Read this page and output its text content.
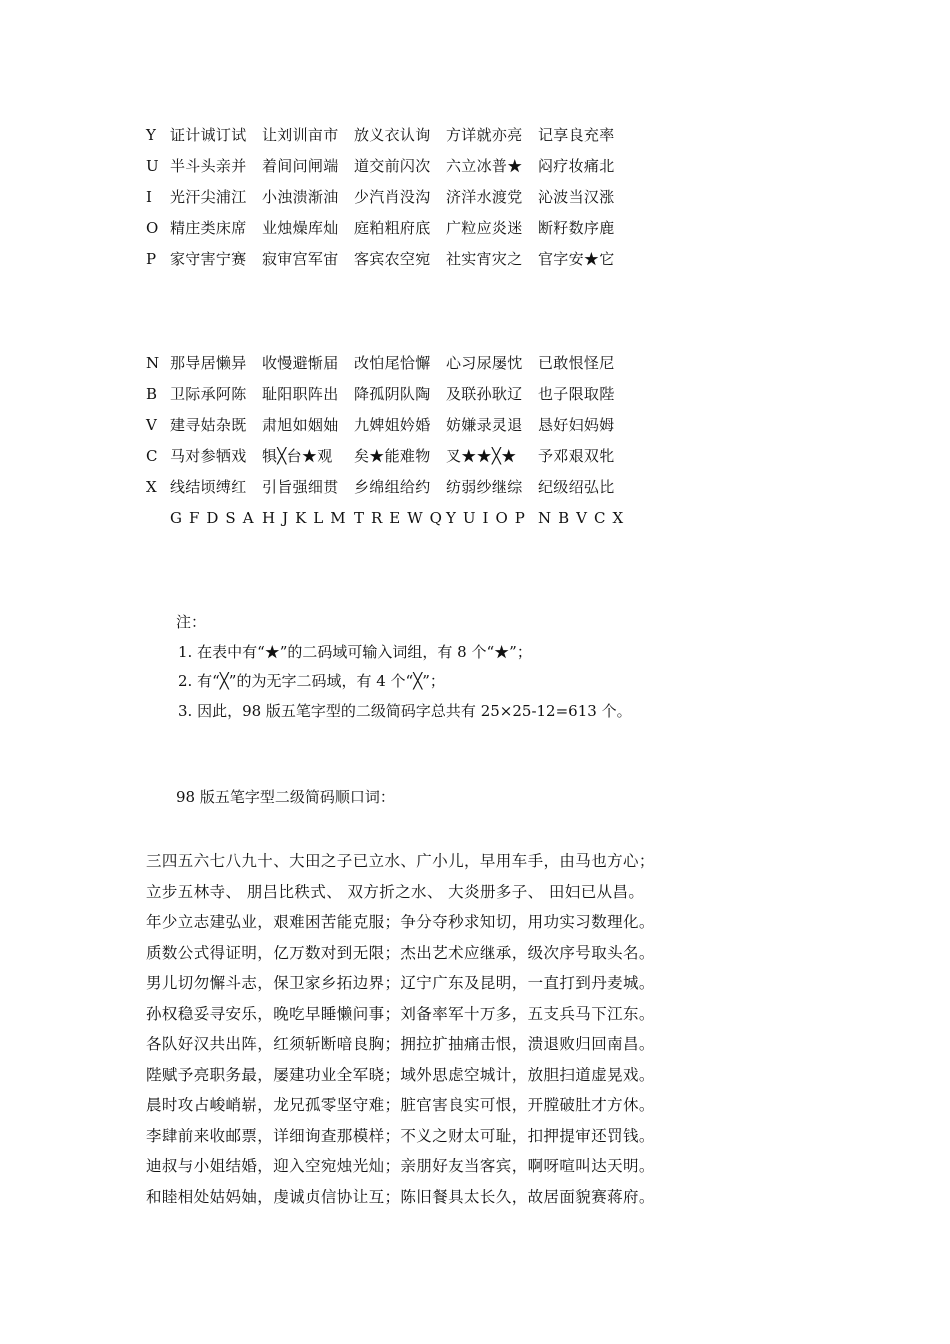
Y 证计诚订试	让刘训亩市	放义衣认询	方详就亦亮	记享良充率
U 半斗头亲并	着间问闸端	道交前闪次	六立冰普★	闷疗妆痛北
I	光汗尖浦江	小浊溃渐油	少汽肖没沟	济洋水渡党	沁波当汉涨
O 精庄类床席	业烛燥库灿	庭粕粗府底	广粒应炎迷	断籽数序鹿
P 家守害宁赛	寂审宫军宙	客宾农空宛	社实宵灾之	官字安★它
N 那导居懒异	收慢避惭届	改怕尾恰懈	心习尿屡忱	已敢恨怪尼
B 卫际承阿陈	耻阳职阵出	降孤阴队陶	及联孙耿辽	也子限取陛
V 建寻姑杂既	肃旭如姻妯	九婢姐妗婚	妨嫌录灵退	恳好妇妈姆
C 马对参牺戏	犋╳台★观	矣★能难物	叉★★╳★	予邓艰双牝
X 线结顷缚红	引旨强细贯	乡绵组给约	纺弱纱继综	纪级绍弘比
GFDSA HJKLM TREWQ
YUIOP NBVCX
注：
1. 在表中有“★”的二码域可输入词组，有 8 个“★”；
2. 有“╳”的为无字二码域，有 4 个“╳”；
3. 因此，98 版五笔字型的二级简码字总共有 25×25-12=613 个。
98 版五笔字型二级简码顺口词：
三四五六七八九十、大田之子已立水、广小儿，早用车手，由马也方心；
立步五林寺、 朋吕比秩式、 双方折之水、 大炎册多子、 田妇已从昌。
年少立志建弘业，艰难困苦能克服；争分夺秒求知切，用功实习数理化。
质数公式得证明，亿万数对到无限；杰出艺术应继承，级次序号取头名。
男儿切勿懈斗志，保卫家乡拓边界；辽宁广东及昆明，一直打到丹麦城。
孙权稳妥寻安乐，晚吃早睡懒问事；刘备率军十万多，五支兵马下江东。
各队好汉共出阵，红须斩断喑良胸；拥拉扩抽痛击恨，溃退败归回南昌。
陛赋予亮职务最，屡建功业全军晓；域外思虑空城计，放胆扫道虚晃戏。
晨时攻占峻峭崭，龙兄孤零坚守难；脏官害良实可恨，开膛破肚才方休。
李肆前来收邮票，详细询查那模样；不义之财太可耻，扣押提审还罚钱。
迪叔与小姐结婚，迎入空宛烛光灿；亲朋好友当客宾，啊呀喧叫达天明。
和睦相处姑妈妯，虔诚贞信协让互；陈旧餐具太长久，故居面貌赛蒋府。
